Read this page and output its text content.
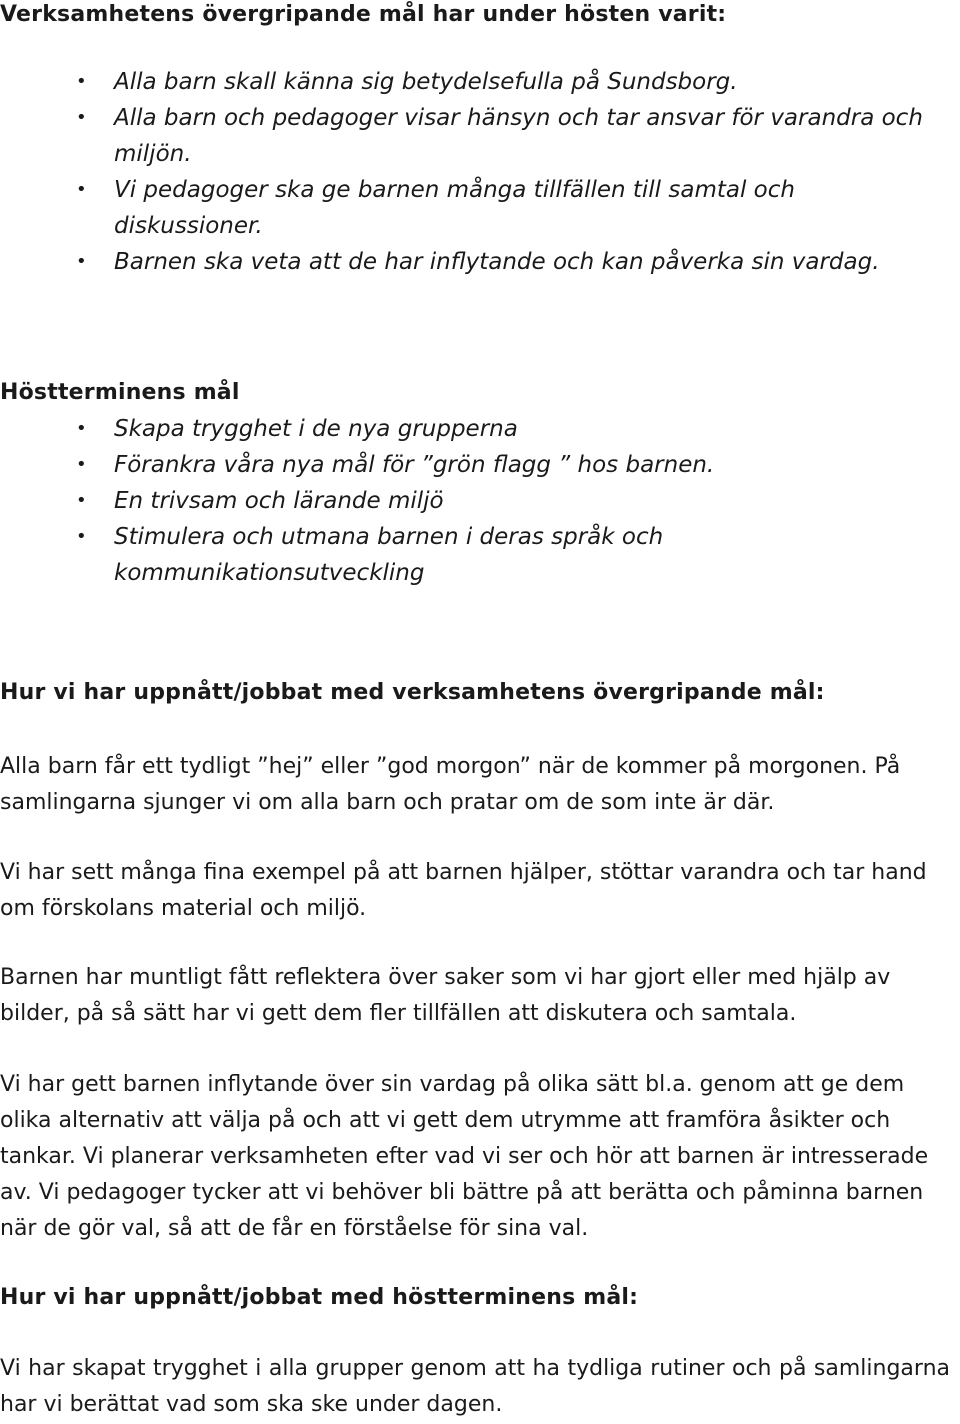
Verksamhetens övergripande mål har under hösten varit:
• Alla barn skall känna sig betydelsefulla på Sundsborg.
• Alla barn och pedagoger visar hänsyn och tar ansvar för varandra och miljön.
• Vi pedagoger ska ge barnen många tillfällen till samtal och diskussioner.
• Barnen ska veta att de har inflytande och kan påverka sin vardag.
Höstterminens mål
• Skapa trygghet i de nya grupperna
• Förankra våra nya mål för ”grön flagg ” hos barnen.
• En trivsam och lärande miljö
• Stimulera och utmana barnen i deras språk och kommunikationsutveckling
Hur vi har uppnått/jobbat med verksamhetens övergripande mål:

Alla barn får ett tydligt ”hej” eller ”god morgon” när de kommer på morgonen. På samlingarna sjunger vi om alla barn och pratar om de som inte är där.

Vi har sett många fina exempel på att barnen hjälper, stöttar varandra och tar hand om förskolans material och miljö.

Barnen har muntligt fått reflektera över saker som vi har gjort eller med hjälp av bilder, på så sätt har vi gett dem fler tillfällen att diskutera och samtala.

Vi har gett barnen inflytande över sin vardag på olika sätt bl.a. genom att ge dem olika alternativ att välja på och att vi gett dem utrymme att framföra åsikter och tankar. Vi planerar verksamheten efter vad vi ser och hör att barnen är intresserade av. Vi pedagoger tycker att vi behöver bli bättre på att berätta och påminna barnen när de gör val, så att de får en förståelse för sina val.

Hur vi har uppnått/jobbat med höstterminens mål:

Vi har skapat trygghet i alla grupper genom att ha tydliga rutiner och på samlingarna har vi berättat vad som ska ske under dagen.
